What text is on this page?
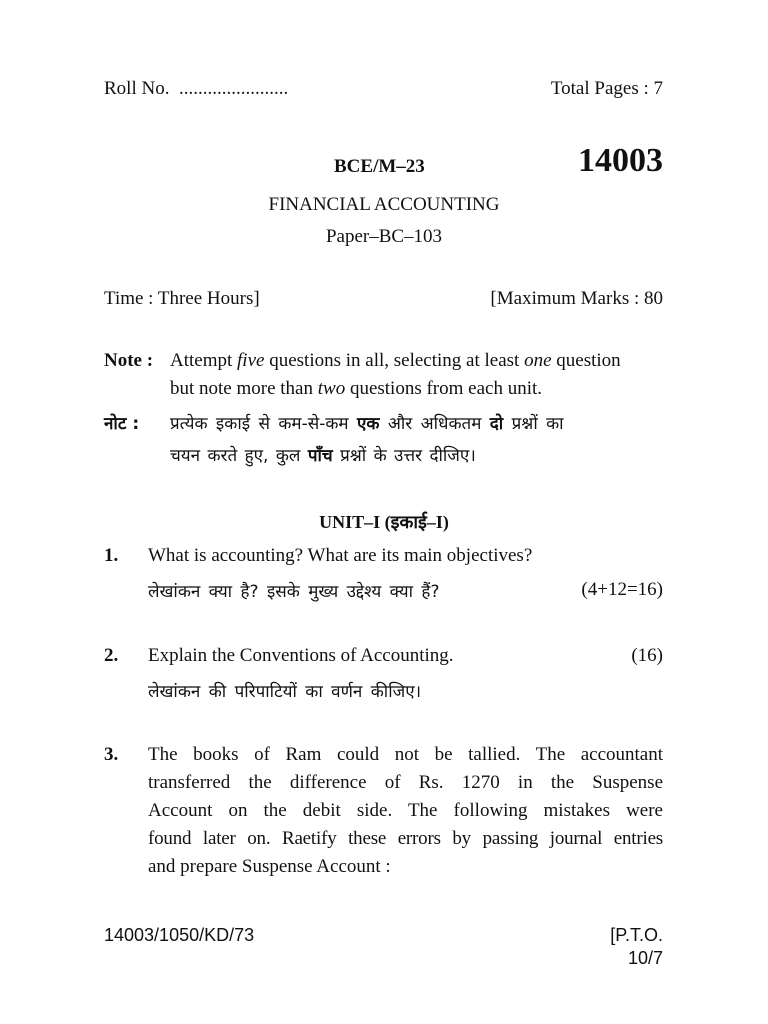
Roll No. .......................	Total Pages : 7
BCE/M–23	14003
FINANCIAL ACCOUNTING
Paper–BC–103
Time : Three Hours]	[Maximum Marks : 80
Note : Attempt five questions in all, selecting at least one question
but note more than two questions from each unit.
नोट : प्रत्येक इकाई से कम-से-कम एक और अधिकतम दो प्रश्नों का
चयन करते हुए, कुल पाँच प्रश्नों के उत्तर दीजिए।
UNIT–I (इकाई–I)
1. What is accounting? What are its main objectives?
लेखांकन क्या है? इसके मुख्य उद्देश्य क्या हैं?	(4+12=16)
2. Explain the Conventions of Accounting.	(16)
लेखांकन की परिपाटियों का वर्णन कीजिए।
3. The books of Ram could not be tallied. The accountant
transferred the difference of Rs. 1270 in the Suspense
Account on the debit side. The following mistakes were
found later on. Raetify these errors by passing journal entries
and prepare Suspense Account :
14003/1050/KD/73	[P.T.O.
10/7
